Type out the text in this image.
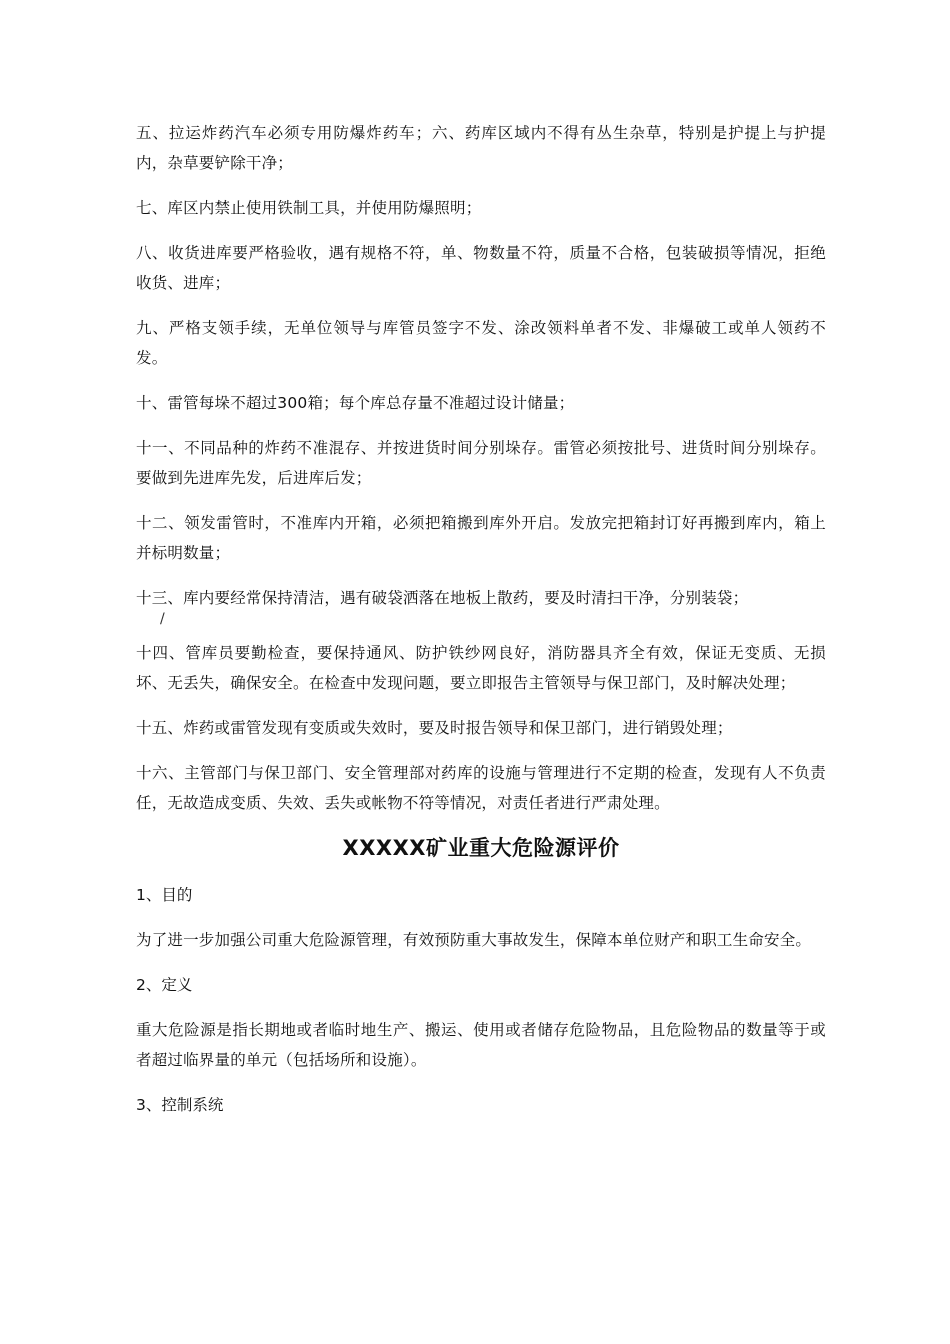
五、拉运炸药汽车必须专用防爆炸药车；六、药库区域内不得有丛生杂草，特别是护提上与护提内，杂草要铲除干净；

七、库区内禁止使用铁制工具，并使用防爆照明；

八、收货进库要严格验收，遇有规格不符，单、物数量不符，质量不合格，包装破损等情况，拒绝收货、进库；

九、严格支领手续，无单位领导与库管员签字不发、涂改领料单者不发、非爆破工或单人领药不发。

十、雷管每垛不超过300箱；每个库总存量不准超过设计储量；

十一、不同品种的炸药不准混存、并按进货时间分别垛存。雷管必须按批号、进货时间分别垛存。要做到先进库先发，后进库后发；

十二、领发雷管时，不准库内开箱，必须把箱搬到库外开启。发放完把箱封订好再搬到库内，箱上并标明数量；

十三、库内要经常保持清洁，遇有破袋洒落在地板上散药，要及时清扫干净，分别装袋；

/

十四、管库员要勤检查，要保持通风、防护铁纱网良好，消防器具齐全有效，保证无变质、无损坏、无丢失，确保安全。在检查中发现问题，要立即报告主管领导与保卫部门，及时解决处理；

十五、炸药或雷管发现有变质或失效时，要及时报告领导和保卫部门，进行销毁处理；

十六、主管部门与保卫部门、安全管理部对药库的设施与管理进行不定期的检查，发现有人不负责任，无故造成变质、失效、丢失或帐物不符等情况，对责任者进行严肃处理。

XXXXX矿业重大危险源评价
1、目的

为了进一步加强公司重大危险源管理，有效预防重大事故发生，保障本单位财产和职工生命安全。

2、定义

重大危险源是指长期地或者临时地生产、搬运、使用或者储存危险物品，且危险物品的数量等于或者超过临界量的单元（包括场所和设施）。

3、控制系统
